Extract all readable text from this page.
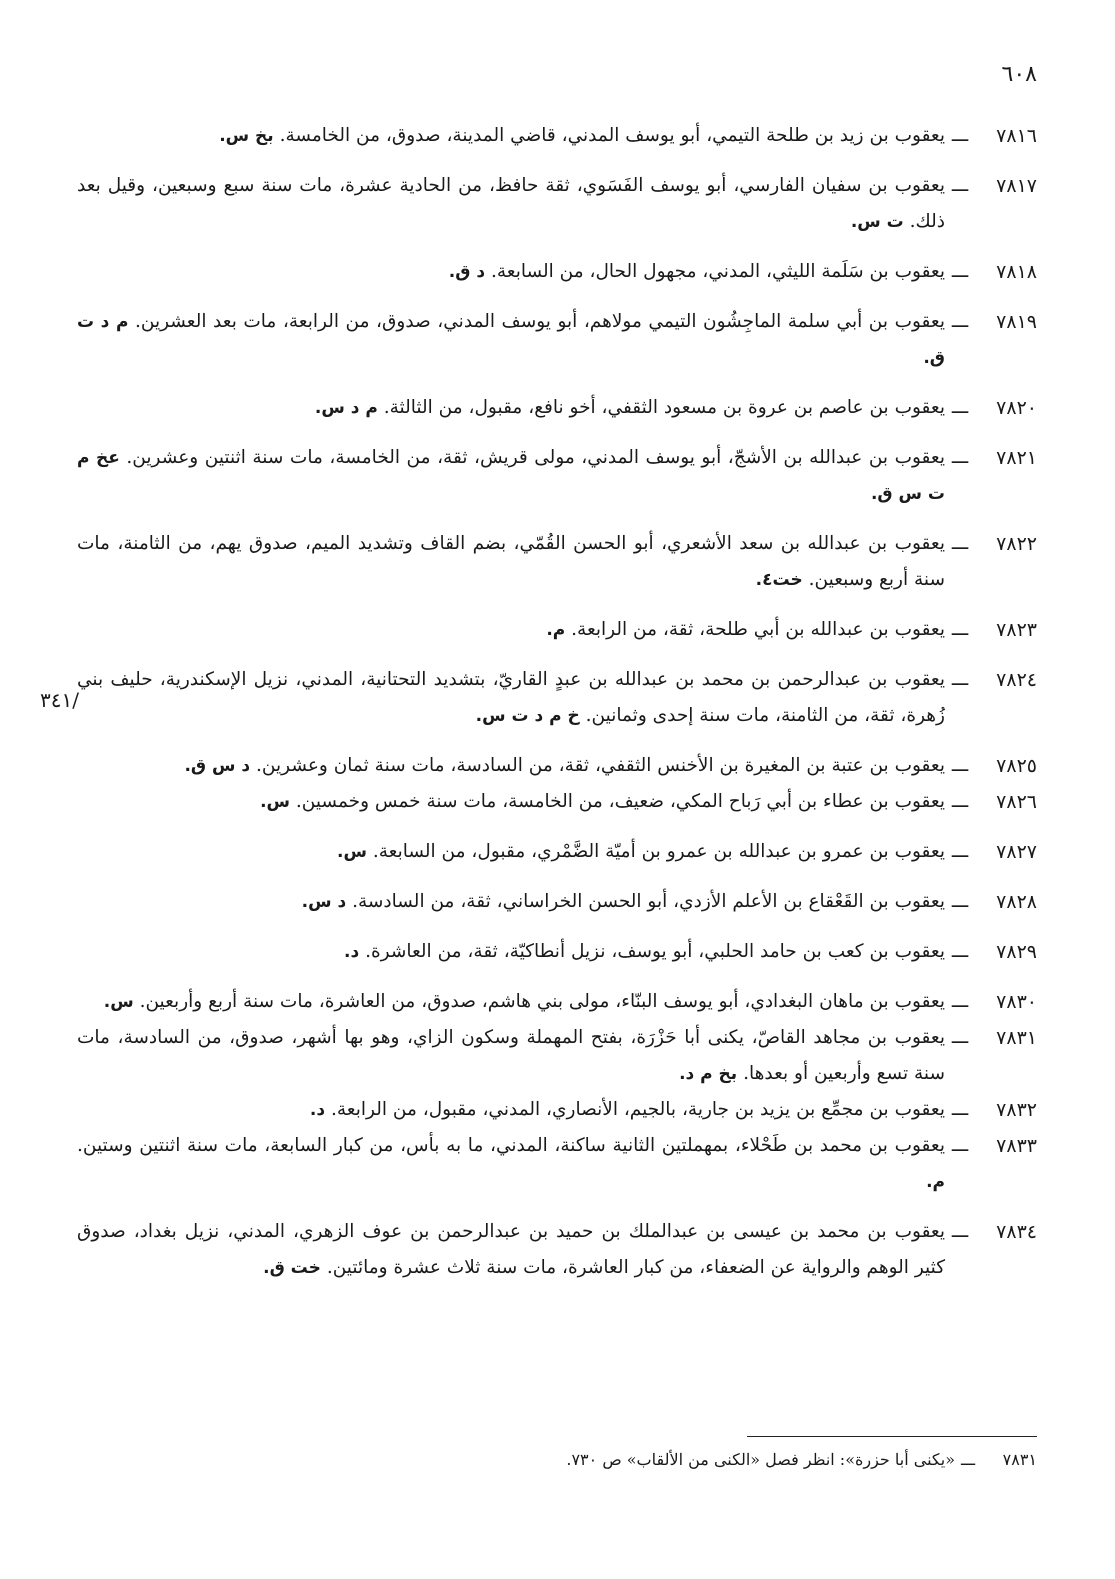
٦٠٨
/٣٤١
٧٨١٦
ـــ
يعقوب بن زيد بن طلحة التيمي، أبو يوسف المدني، قاضي المدينة، صدوق، من الخامسة. بخ س.
٧٨١٧
ـــ
يعقوب بن سفيان الفارسي، أبو يوسف الفَسَوي، ثقة حافظ، من الحادية عشرة، مات سنة سبع وسبعين، وقيل بعد ذلك. ت س.
٧٨١٨
ـــ
يعقوب بن سَلَمة الليثي، المدني، مجهول الحال، من السابعة. د ق.
٧٨١٩
ـــ
يعقوب بن أبي سلمة الماجِشُون التيمي مولاهم، أبو يوسف المدني، صدوق، من الرابعة، مات بعد العشرين. م د ت ق.
٧٨٢٠
ـــ
يعقوب بن عاصم بن عروة بن مسعود الثقفي، أخو نافع، مقبول، من الثالثة. م د س.
٧٨٢١
ـــ
يعقوب بن عبدالله بن الأشجّ، أبو يوسف المدني، مولى قريش، ثقة، من الخامسة، مات سنة اثنتين وعشرين. عخ م ت س ق.
٧٨٢٢
ـــ
يعقوب بن عبدالله بن سعد الأشعري، أبو الحسن القُمّي، بضم القاف وتشديد الميم، صدوق يهم، من الثامنة، مات سنة أربع وسبعين. خت٤.
٧٨٢٣
ـــ
يعقوب بن عبدالله بن أبي طلحة، ثقة، من الرابعة. م.
٧٨٢٤
ـــ
يعقوب بن عبدالرحمن بن محمد بن عبدالله بن عبدٍ القاريّ، بتشديد التحتانية، المدني، نزيل الإسكندرية، حليف بني زُهرة، ثقة، من الثامنة، مات سنة إحدى وثمانين. خ م د ت س.
٧٨٢٥
ـــ
يعقوب بن عتبة بن المغيرة بن الأخنس الثقفي، ثقة، من السادسة، مات سنة ثمان وعشرين. د س ق.
٧٨٢٦
ـــ
يعقوب بن عطاء بن أبي رَباح المكي، ضعيف، من الخامسة، مات سنة خمس وخمسين. س.
٧٨٢٧
ـــ
يعقوب بن عمرو بن عبدالله بن عمرو بن أميّة الضَّمْري، مقبول، من السابعة. س.
٧٨٢٨
ـــ
يعقوب بن القَعْقاع بن الأعلم الأزدي، أبو الحسن الخراساني، ثقة، من السادسة. د س.
٧٨٢٩
ـــ
يعقوب بن كعب بن حامد الحلبي، أبو يوسف، نزيل أنطاكيّة، ثقة، من العاشرة. د.
٧٨٣٠
ـــ
يعقوب بن ماهان البغدادي، أبو يوسف البنّاء، مولى بني هاشم، صدوق، من العاشرة، مات سنة أربع وأربعين. س.
٧٨٣١
ـــ
يعقوب بن مجاهد القاصّ، يكنى أبا حَزْرَة، بفتح المهملة وسكون الزاي، وهو بها أشهر، صدوق، من السادسة، مات سنة تسع وأربعين أو بعدها. بخ م د.
٧٨٣٢
ـــ
يعقوب بن مجمِّع بن يزيد بن جارية، بالجيم، الأنصاري، المدني، مقبول، من الرابعة. د.
٧٨٣٣
ـــ
يعقوب بن محمد بن طَحْلاء، بمهملتين الثانية ساكنة، المدني، ما به بأس، من كبار السابعة، مات سنة اثنتين وستين. م.
٧٨٣٤
ـــ
يعقوب بن محمد بن عيسى بن عبدالملك بن حميد بن عبدالرحمن بن عوف الزهري، المدني، نزيل بغداد، صدوق كثير الوهم والرواية عن الضعفاء، من كبار العاشرة، مات سنة ثلاث عشرة ومائتين. خت ق.
٧٨٣١
ـــ
«يكنى أبا حزرة»: انظر فصل «الكنى من الألقاب» ص ٧٣٠.
